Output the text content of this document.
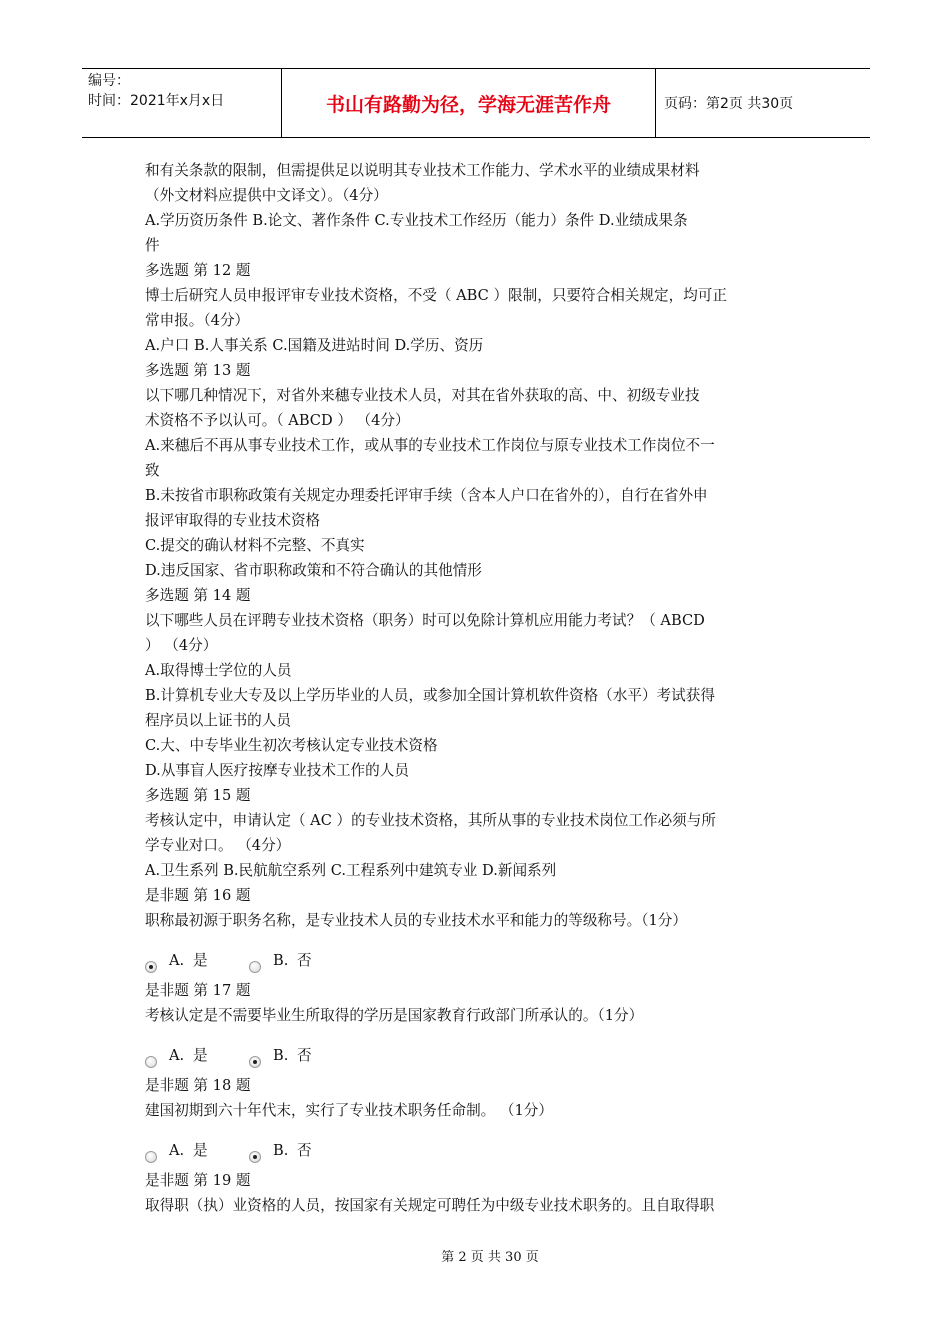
编号：
时间：2021年x月x日	书山有路勤为径，学海无涯苦作舟	页码：第2页 共30页
和有关条款的限制，但需提供足以说明其专业技术工作能力、学术水平的业绩成果材料
（外文材料应提供中文译文）。（4分）
A.学历资历条件 B.论文、著作条件 C.专业技术工作经历（能力）条件 D.业绩成果条
件
多选题 第 12 题
博士后研究人员申报评审专业技术资格，不受（ ABC ）限制，只要符合相关规定，均可正
常申报。（4分）
A.户口 B.人事关系 C.国籍及进站时间 D.学历、资历
多选题 第 13 题
以下哪几种情况下，对省外来穗专业技术人员，对其在省外获取的高、中、初级专业技
术资格不予以认可。（ ABCD ） （4分）
A.来穗后不再从事专业技术工作，或从事的专业技术工作岗位与原专业技术工作岗位不一
致
B.未按省市职称政策有关规定办理委托评审手续（含本人户口在省外的），自行在省外申
报评审取得的专业技术资格
C.提交的确认材料不完整、不真实
D.违反国家、省市职称政策和不符合确认的其他情形
多选题 第 14 题
以下哪些人员在评聘专业技术资格（职务）时可以免除计算机应用能力考试？（ ABCD
） （4分）
A.取得博士学位的人员
B.计算机专业大专及以上学历毕业的人员，或参加全国计算机软件资格（水平）考试获得
程序员以上证书的人员
C.大、中专毕业生初次考核认定专业技术资格
D.从事盲人医疗按摩专业技术工作的人员
多选题 第 15 题
考核认定中，申请认定（ AC ）的专业技术资格，其所从事的专业技术岗位工作必须与所
学专业对口。 （4分）
A.卫生系列 B.民航航空系列 C.工程系列中建筑专业 D.新闻系列
是非题 第 16 题
职称最初源于职务名称，是专业技术人员的专业技术水平和能力的等级称号。（1分）
A. 是	B. 否
是非题 第 17 题
考核认定是不需要毕业生所取得的学历是国家教育行政部门所承认的。（1分）
A. 是	B. 否
是非题 第 18 题
建国初期到六十年代末，实行了专业技术职务任命制。 （1分）
A. 是	B. 否
是非题 第 19 题
取得职（执）业资格的人员，按国家有关规定可聘任为中级专业技术职务的。且自取得职
第 2 页 共 30 页
